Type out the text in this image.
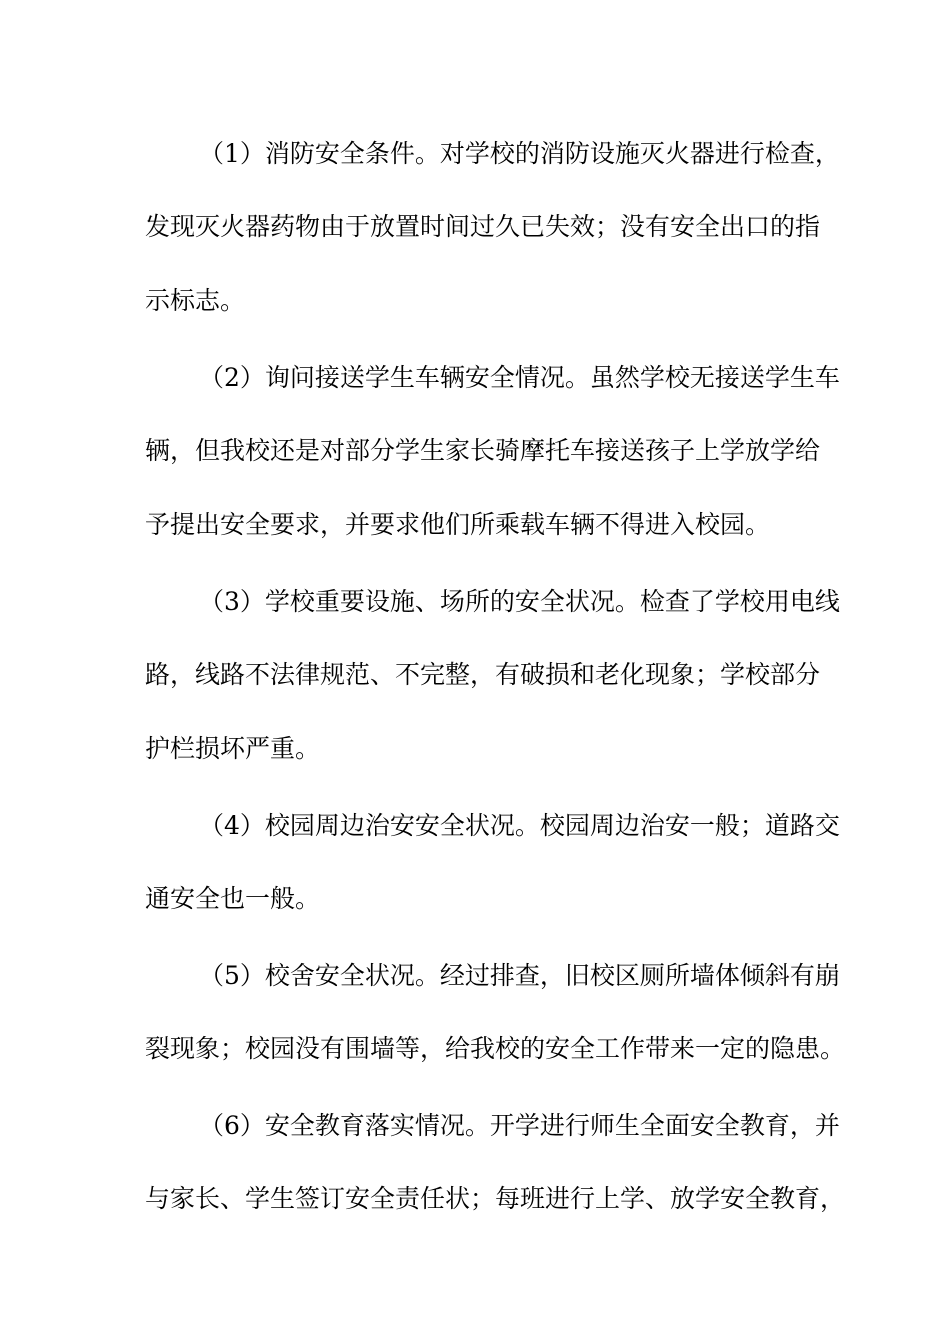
（1）消防安全条件。对学校的消防设施灭火器进行检查，
发现灭火器药物由于放置时间过久已失效；没有安全出口的指
示标志。
（2）询问接送学生车辆安全情况。虽然学校无接送学生车
辆，但我校还是对部分学生家长骑摩托车接送孩子上学放学给
予提出安全要求，并要求他们所乘载车辆不得进入校园。
（3）学校重要设施、场所的安全状况。检查了学校用电线
路，线路不法律规范、不完整，有破损和老化现象；学校部分
护栏损坏严重。
（4）校园周边治安安全状况。校园周边治安一般；道路交
通安全也一般。
（5）校舍安全状况。经过排查，旧校区厕所墙体倾斜有崩
裂现象；校园没有围墙等，给我校的安全工作带来一定的隐患。
（6）安全教育落实情况。开学进行师生全面安全教育，并
与家长、学生签订安全责任状；每班进行上学、放学安全教育，
